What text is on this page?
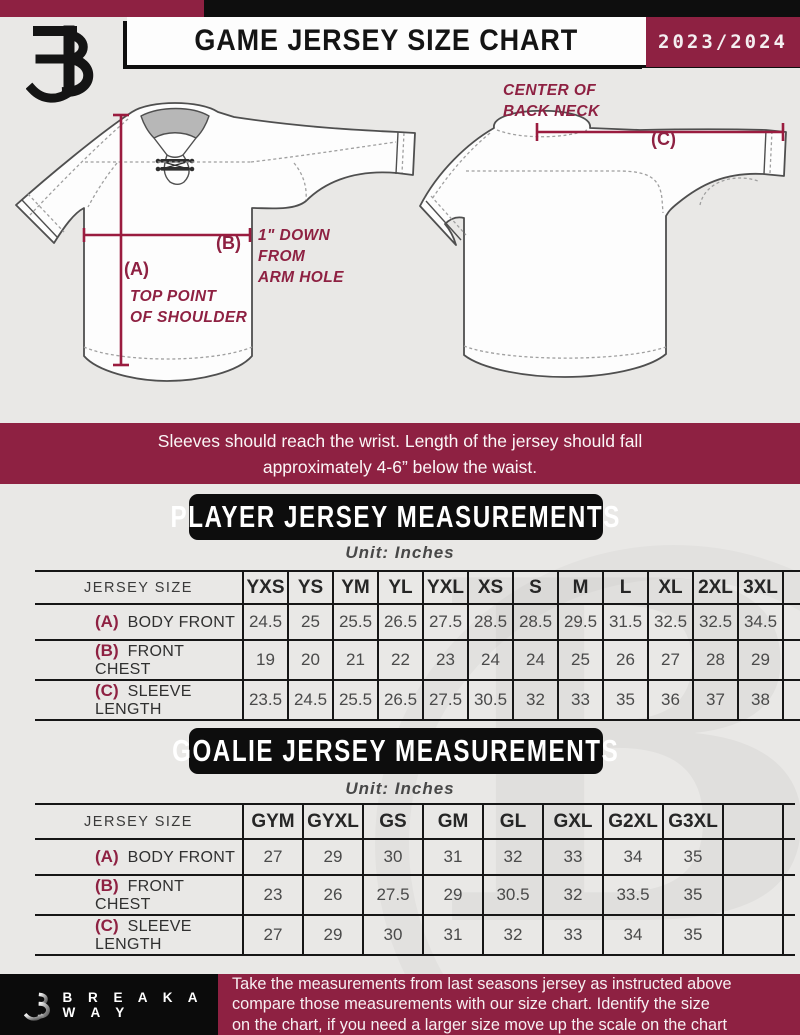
GAME JERSEY SIZE CHART	2023/2024
(A)
TOP POINT
OF SHOULDER
(B) 1" DOWN
FROM
ARM HOLE
(C)
CENTER OF
BACK NECK
Sleeves should reach the wrist. Length of the jersey should fall
approximately 4-6” below the waist.
PLAYER JERSEY MEASUREMENTS
Unit: Inches
JERSEY SIZE	YXS	YS	YM	YL	YXL	XS	S	M	L	XL	2XL	3XL	
(A) BODY FRONT	24.5	25	25.5	26.5	27.5	28.5	28.5	29.5	31.5	32.5	32.5	34.5	
(B) FRONT CHEST	19	20	21	22	23	24	24	25	26	27	28	29	
(C) SLEEVE LENGTH	23.5	24.5	25.5	26.5	27.5	30.5	32	33	35	36	37	38	
GOALIE JERSEY MEASUREMENTS
Unit: Inches
JERSEY SIZE	GYM	GYXL	GS	GM	GL	GXL	G2XL	G3XL		
(A) BODY FRONT	27	29	30	31	32	33	34	35		
(B) FRONT CHEST	23	26	27.5	29	30.5	32	33.5	35		
(C) SLEEVE LENGTH	27	29	30	31	32	33	34	35		
B R E A K A W A Y
Take the measurements from last seasons jersey as instructed above
compare those measurements with our size chart. Identify the size
on the chart, if you need a larger size move up the scale on the chart
